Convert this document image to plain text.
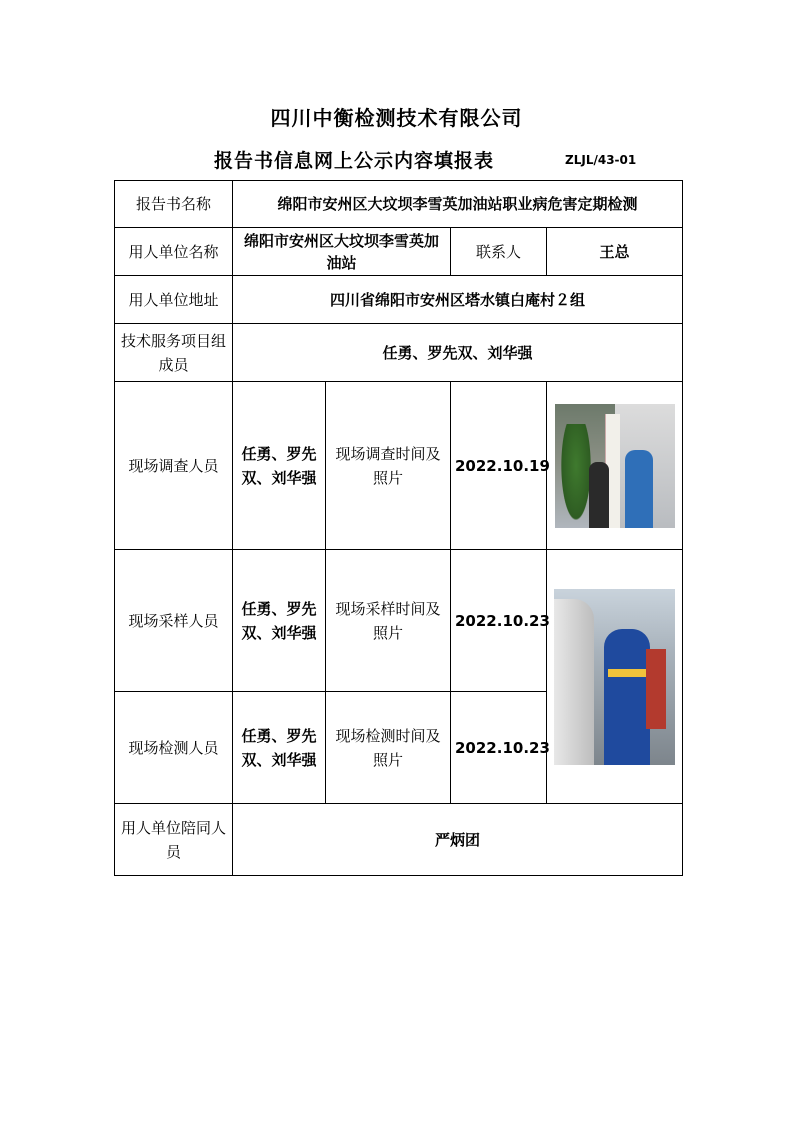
四川中衡检测技术有限公司
报告书信息网上公示内容填报表	ZLJL/43-01
报告书名称	绵阳市安州区大坟坝李雪英加油站职业病危害定期检测			
用人单位名称	绵阳市安州区大坟坝李雪英加油站		联系人	王总
用人单位地址	四川省绵阳市安州区塔水镇白庵村２组			
技术服务项目组成员	任勇、罗先双、刘华强			
现场调查人员	任勇、罗先双、刘华强	现场调查时间及照片	2022.10.19	

现场采样人员	任勇、罗先双、刘华强	现场采样时间及照片	2022.10.23	

现场检测人员	任勇、罗先双、刘华强	现场检测时间及照片	2022.10.23	
用人单位陪同人员	严炳团			
